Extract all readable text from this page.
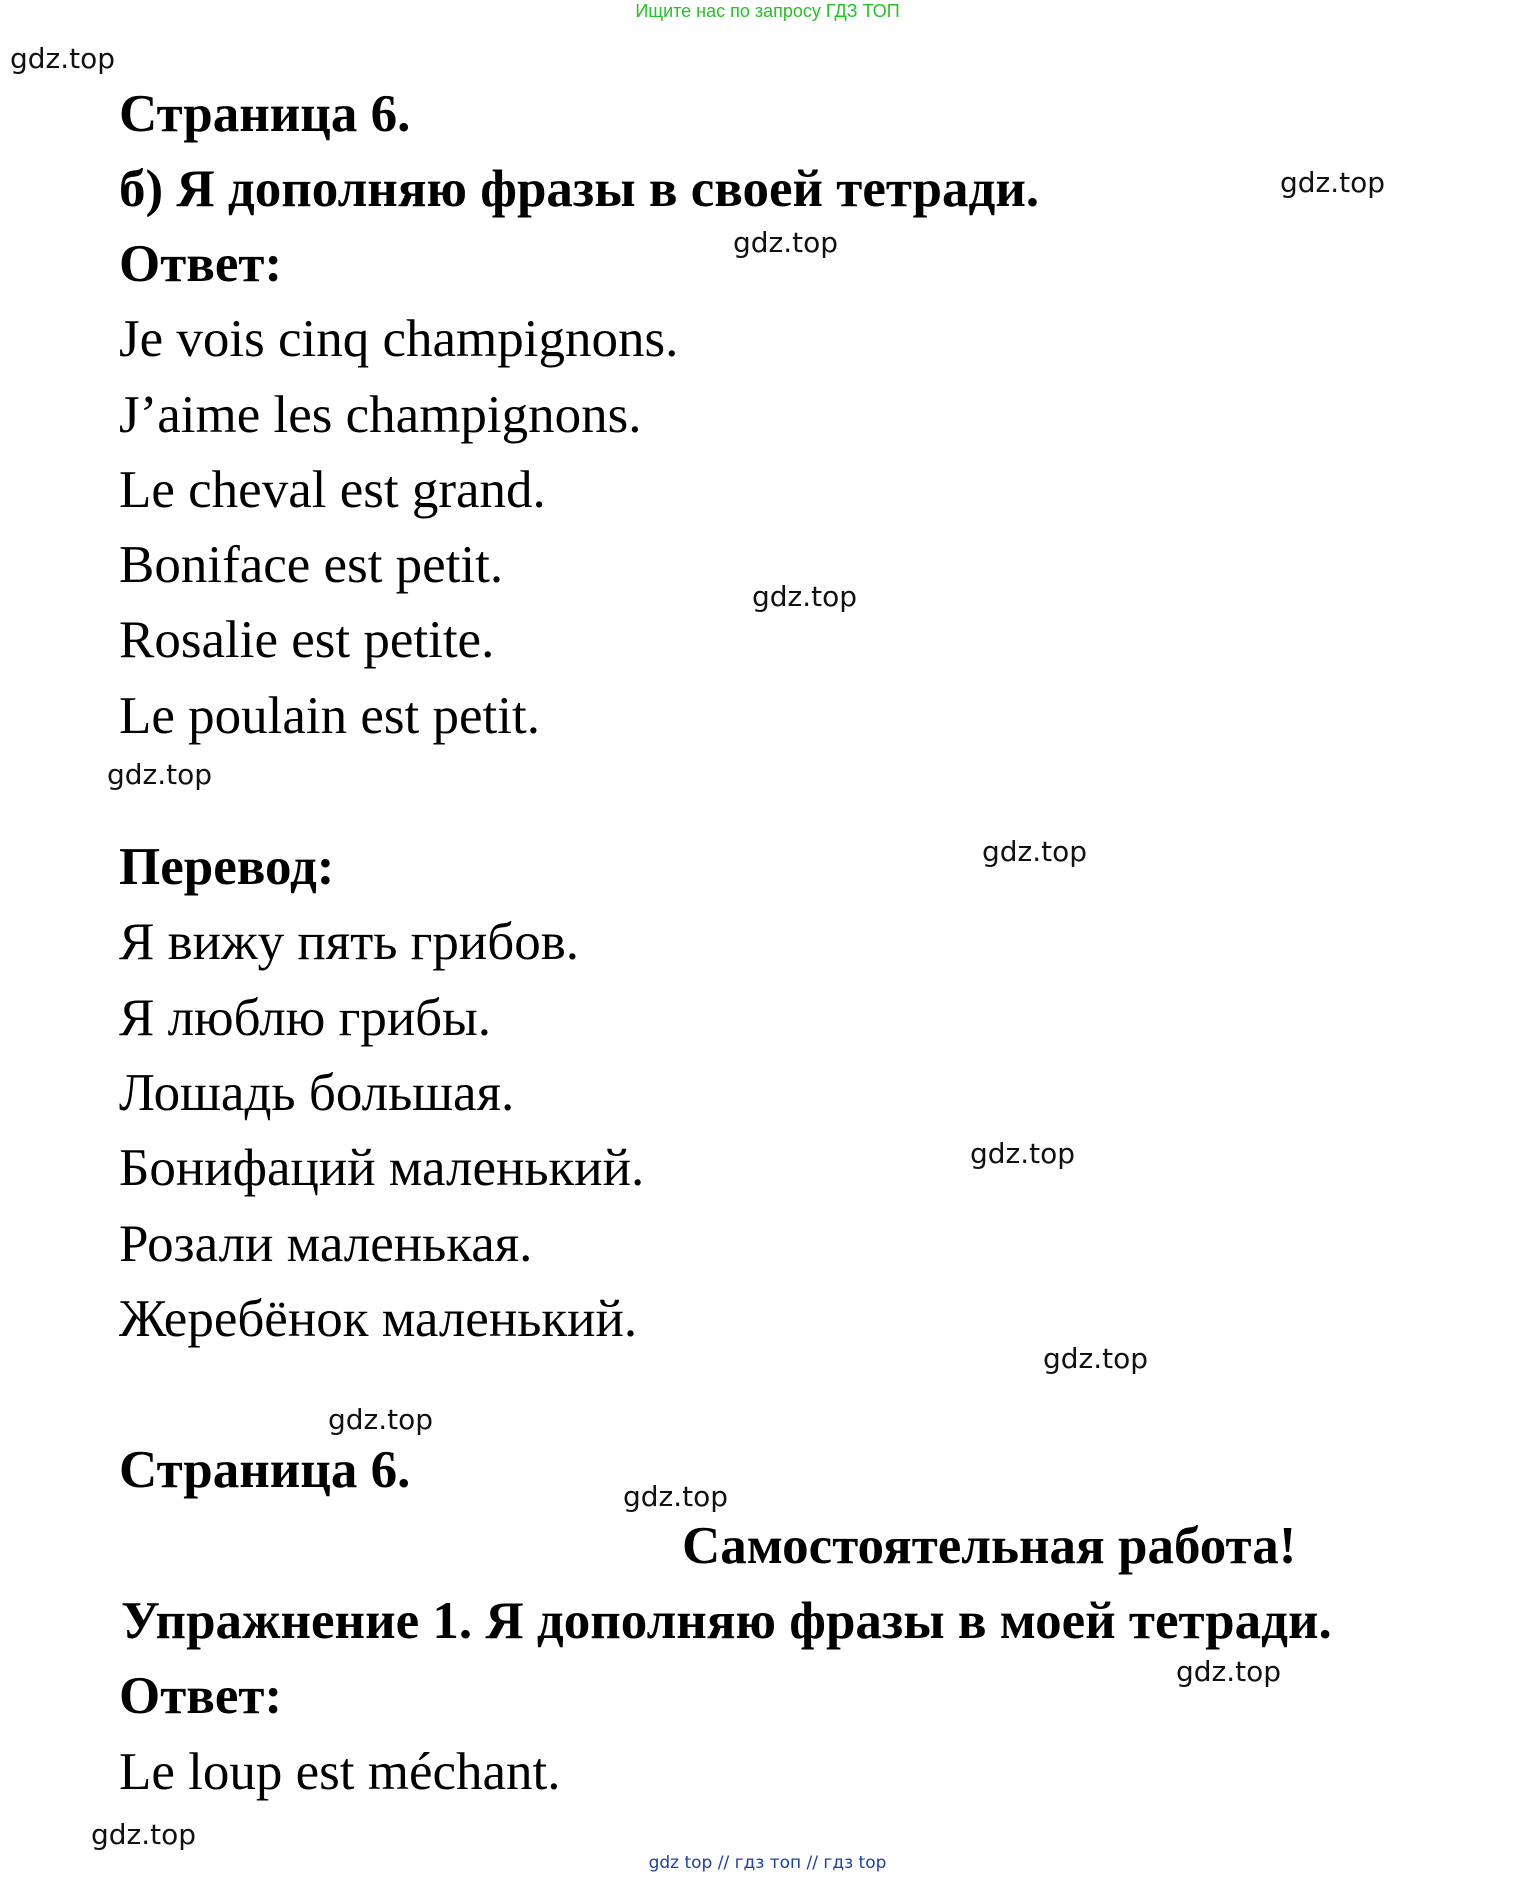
Ищите нас по запросу ГДЗ ТОП
gdz.top
gdz.top
gdz.top
gdz.top
gdz.top
gdz.top
gdz.top
gdz.top
gdz.top
gdz.top
gdz.top
gdz.top
Страница 6.
б) Я дополняю фразы в своей тетради.
Ответ:
Je vois cinq champignons.
J’aime les champignons.
Le cheval est grand.
Boniface est petit.
Rosalie est petite.
Le poulain est petit.
Перевод:
Я вижу пять грибов.
Я люблю грибы.
Лошадь большая.
Бонифаций маленький.
Розали маленькая.
Жеребёнок маленький.
Страница 6.
Самостоятельная работа!
Упражнение 1. Я дополняю фразы в моей тетради.
Ответ:
Le loup est méchant.
gdz top // гдз топ // гдз top
